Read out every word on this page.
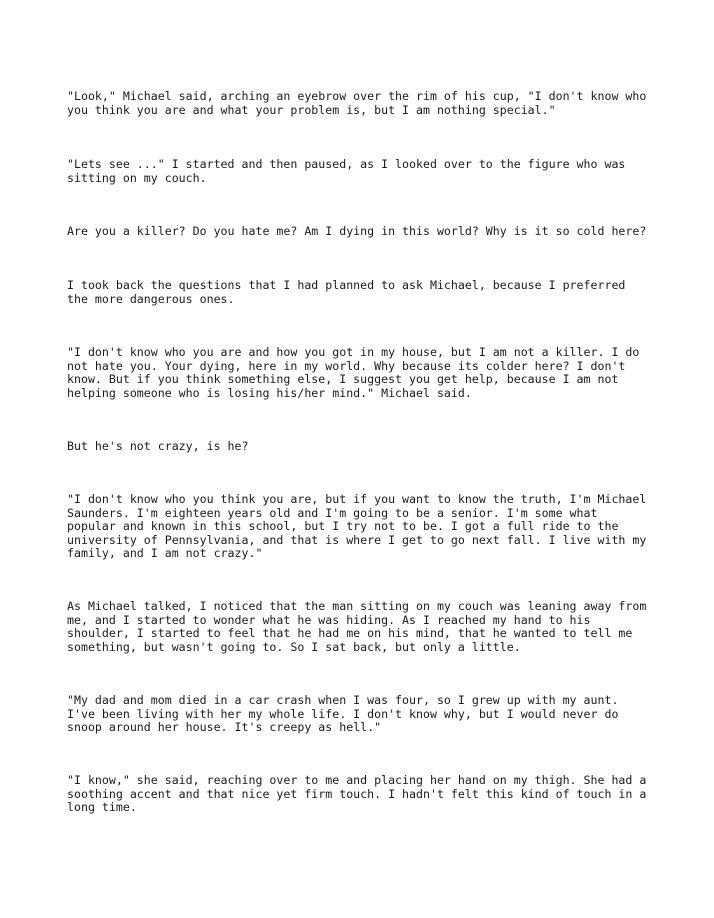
"Look," Michael said, arching an eyebrow over the rim of his cup, "I don't know who
you think you are and what your problem is, but I am nothing special."

"Lets see ..." I started and then paused, as I looked over to the figure who was
sitting on my couch.

Are you a killer? Do you hate me? Am I dying in this world? Why is it so cold here?

I took back the questions that I had planned to ask Michael, because I preferred
the more dangerous ones.

"I don't know who you are and how you got in my house, but I am not a killer. I do
not hate you. Your dying, here in my world. Why because its colder here? I don't
know. But if you think something else, I suggest you get help, because I am not
helping someone who is losing his/her mind." Michael said.

But he's not crazy, is he?

"I don't know who you think you are, but if you want to know the truth, I'm Michael
Saunders. I'm eighteen years old and I'm going to be a senior. I'm some what
popular and known in this school, but I try not to be. I got a full ride to the
university of Pennsylvania, and that is where I get to go next fall. I live with my
family, and I am not crazy."

As Michael talked, I noticed that the man sitting on my couch was leaning away from
me, and I started to wonder what he was hiding. As I reached my hand to his
shoulder, I started to feel that he had me on his mind, that he wanted to tell me
something, but wasn't going to. So I sat back, but only a little.

"My dad and mom died in a car crash when I was four, so I grew up with my aunt.
I've been living with her my whole life. I don't know why, but I would never do
snoop around her house. It's creepy as hell."

"I know," she said, reaching over to me and placing her hand on my thigh. She had a
soothing accent and that nice yet firm touch. I hadn't felt this kind of touch in a
long time.
